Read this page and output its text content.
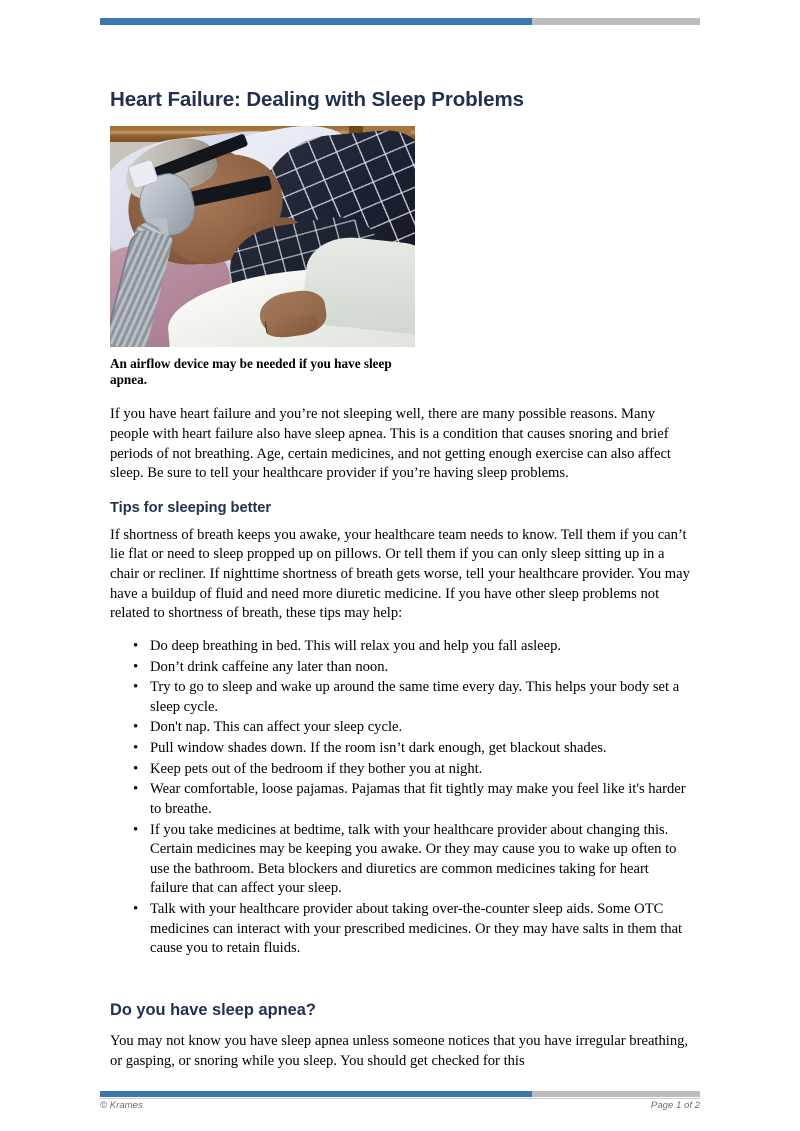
Heart Failure: Dealing with Sleep Problems
An airflow device may be needed if you have sleep apnea.

If you have heart failure and you’re not sleeping well, there are many possible reasons. Many people with heart failure also have sleep apnea. This is a condition that causes snoring and brief periods of not breathing. Age, certain medicines, and not getting enough exercise can also affect sleep. Be sure to tell your healthcare provider if you’re having sleep problems.

Tips for sleeping better

If shortness of breath keeps you awake, your healthcare team needs to know. Tell them if you can’t lie flat or need to sleep propped up on pillows. Or tell them if you can only sleep sitting up in a chair or recliner. If nighttime shortness of breath gets worse, tell your healthcare provider. You may have a buildup of fluid and need more diuretic medicine. If you have other sleep problems not related to shortness of breath, these tips may help:

• Do deep breathing in bed. This will relax you and help you fall asleep.
• Don’t drink caffeine any later than noon.
• Try to go to sleep and wake up around the same time every day. This helps your body set a sleep cycle.
• Don't nap. This can affect your sleep cycle.
• Pull window shades down. If the room isn’t dark enough, get blackout shades.
• Keep pets out of the bedroom if they bother you at night.
• Wear comfortable, loose pajamas. Pajamas that fit tightly may make you feel like it's harder to breathe.
• If you take medicines at bedtime, talk with your healthcare provider about changing this. Certain medicines may be keeping you awake. Or they may cause you to wake up often to use the bathroom. Beta blockers and diuretics are common medicines taking for heart failure that can affect your sleep.
• Talk with your healthcare provider about taking over-the-counter sleep aids. Some OTC medicines can interact with your prescribed medicines. Or they may have salts in them that cause you to retain fluids.
Do you have sleep apnea?

You may not know you have sleep apnea unless someone notices that you have irregular breathing, or gasping, or snoring while you sleep. You should get checked for this

© Krames	Page 1 of 2
